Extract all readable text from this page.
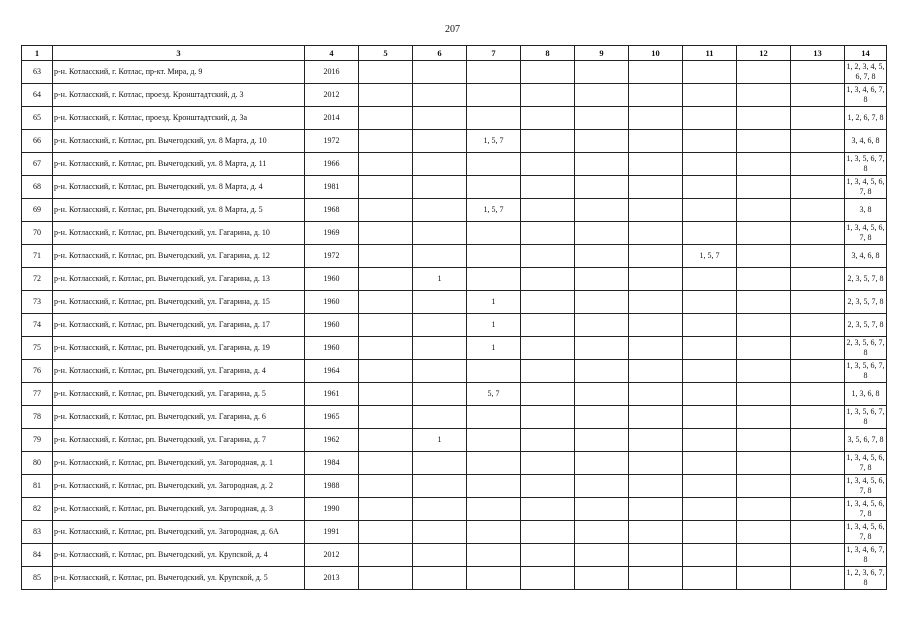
207
1	3	4	5	6	7	8	9	10	11	12	13	14
63	р-н. Котласский, г. Котлас, пр-кт. Мира, д. 9	2016										1, 2, 3, 4, 5, 6, 7, 8
64	р-н. Котласский, г. Котлас, проезд. Кронштадтский, д. 3	2012										1, 3, 4, 6, 7, 8
65	р-н. Котласский, г. Котлас, проезд. Кронштадтский, д. 3а	2014										1, 2, 6, 7, 8
66	р-н. Котласский, г. Котлас, рп. Вычегодский, ул. 8 Марта, д. 10	1972			1, 5, 7							3, 4, 6, 8
67	р-н. Котласский, г. Котлас, рп. Вычегодский, ул. 8 Марта, д. 11	1966										1, 3, 5, 6, 7, 8
68	р-н. Котласский, г. Котлас, рп. Вычегодский, ул. 8 Марта, д. 4	1981										1, 3, 4, 5, 6, 7, 8
69	р-н. Котласский, г. Котлас, рп. Вычегодский, ул. 8 Марта, д. 5	1968			1, 5, 7							3, 8
70	р-н. Котласский, г. Котлас, рп. Вычегодский, ул. Гагарина, д. 10	1969										1, 3, 4, 5, 6, 7, 8
71	р-н. Котласский, г. Котлас, рп. Вычегодский, ул. Гагарина, д. 12	1972							1, 5, 7			3, 4, 6, 8
72	р-н. Котласский, г. Котлас, рп. Вычегодский, ул. Гагарина, д. 13	1960		1								2, 3, 5, 7, 8
73	р-н. Котласский, г. Котлас, рп. Вычегодский, ул. Гагарина, д. 15	1960			1							2, 3, 5, 7, 8
74	р-н. Котласский, г. Котлас, рп. Вычегодский, ул. Гагарина, д. 17	1960			1							2, 3, 5, 7, 8
75	р-н. Котласский, г. Котлас, рп. Вычегодский, ул. Гагарина, д. 19	1960			1							2, 3, 5, 6, 7, 8
76	р-н. Котласский, г. Котлас, рп. Вычегодский, ул. Гагарина, д. 4	1964										1, 3, 5, 6, 7, 8
77	р-н. Котласский, г. Котлас, рп. Вычегодский, ул. Гагарина, д. 5	1961			5, 7							1, 3, 6, 8
78	р-н. Котласский, г. Котлас, рп. Вычегодский, ул. Гагарина, д. 6	1965										1, 3, 5, 6, 7, 8
79	р-н. Котласский, г. Котлас, рп. Вычегодский, ул. Гагарина, д. 7	1962		1								3, 5, 6, 7, 8
80	р-н. Котласский, г. Котлас, рп. Вычегодский, ул. Загородная, д. 1	1984										1, 3, 4, 5, 6, 7, 8
81	р-н. Котласский, г. Котлас, рп. Вычегодский, ул. Загородная, д. 2	1988										1, 3, 4, 5, 6, 7, 8
82	р-н. Котласский, г. Котлас, рп. Вычегодский, ул. Загородная, д. 3	1990										1, 3, 4, 5, 6, 7, 8
83	р-н. Котласский, г. Котлас, рп. Вычегодский, ул. Загородная, д. 6А	1991										1, 3, 4, 5, 6, 7, 8
84	р-н. Котласский, г. Котлас, рп. Вычегодский, ул. Крупской, д. 4	2012										1, 3, 4, 6, 7, 8
85	р-н. Котласский, г. Котлас, рп. Вычегодский, ул. Крупской, д. 5	2013										1, 2, 3, 6, 7, 8
